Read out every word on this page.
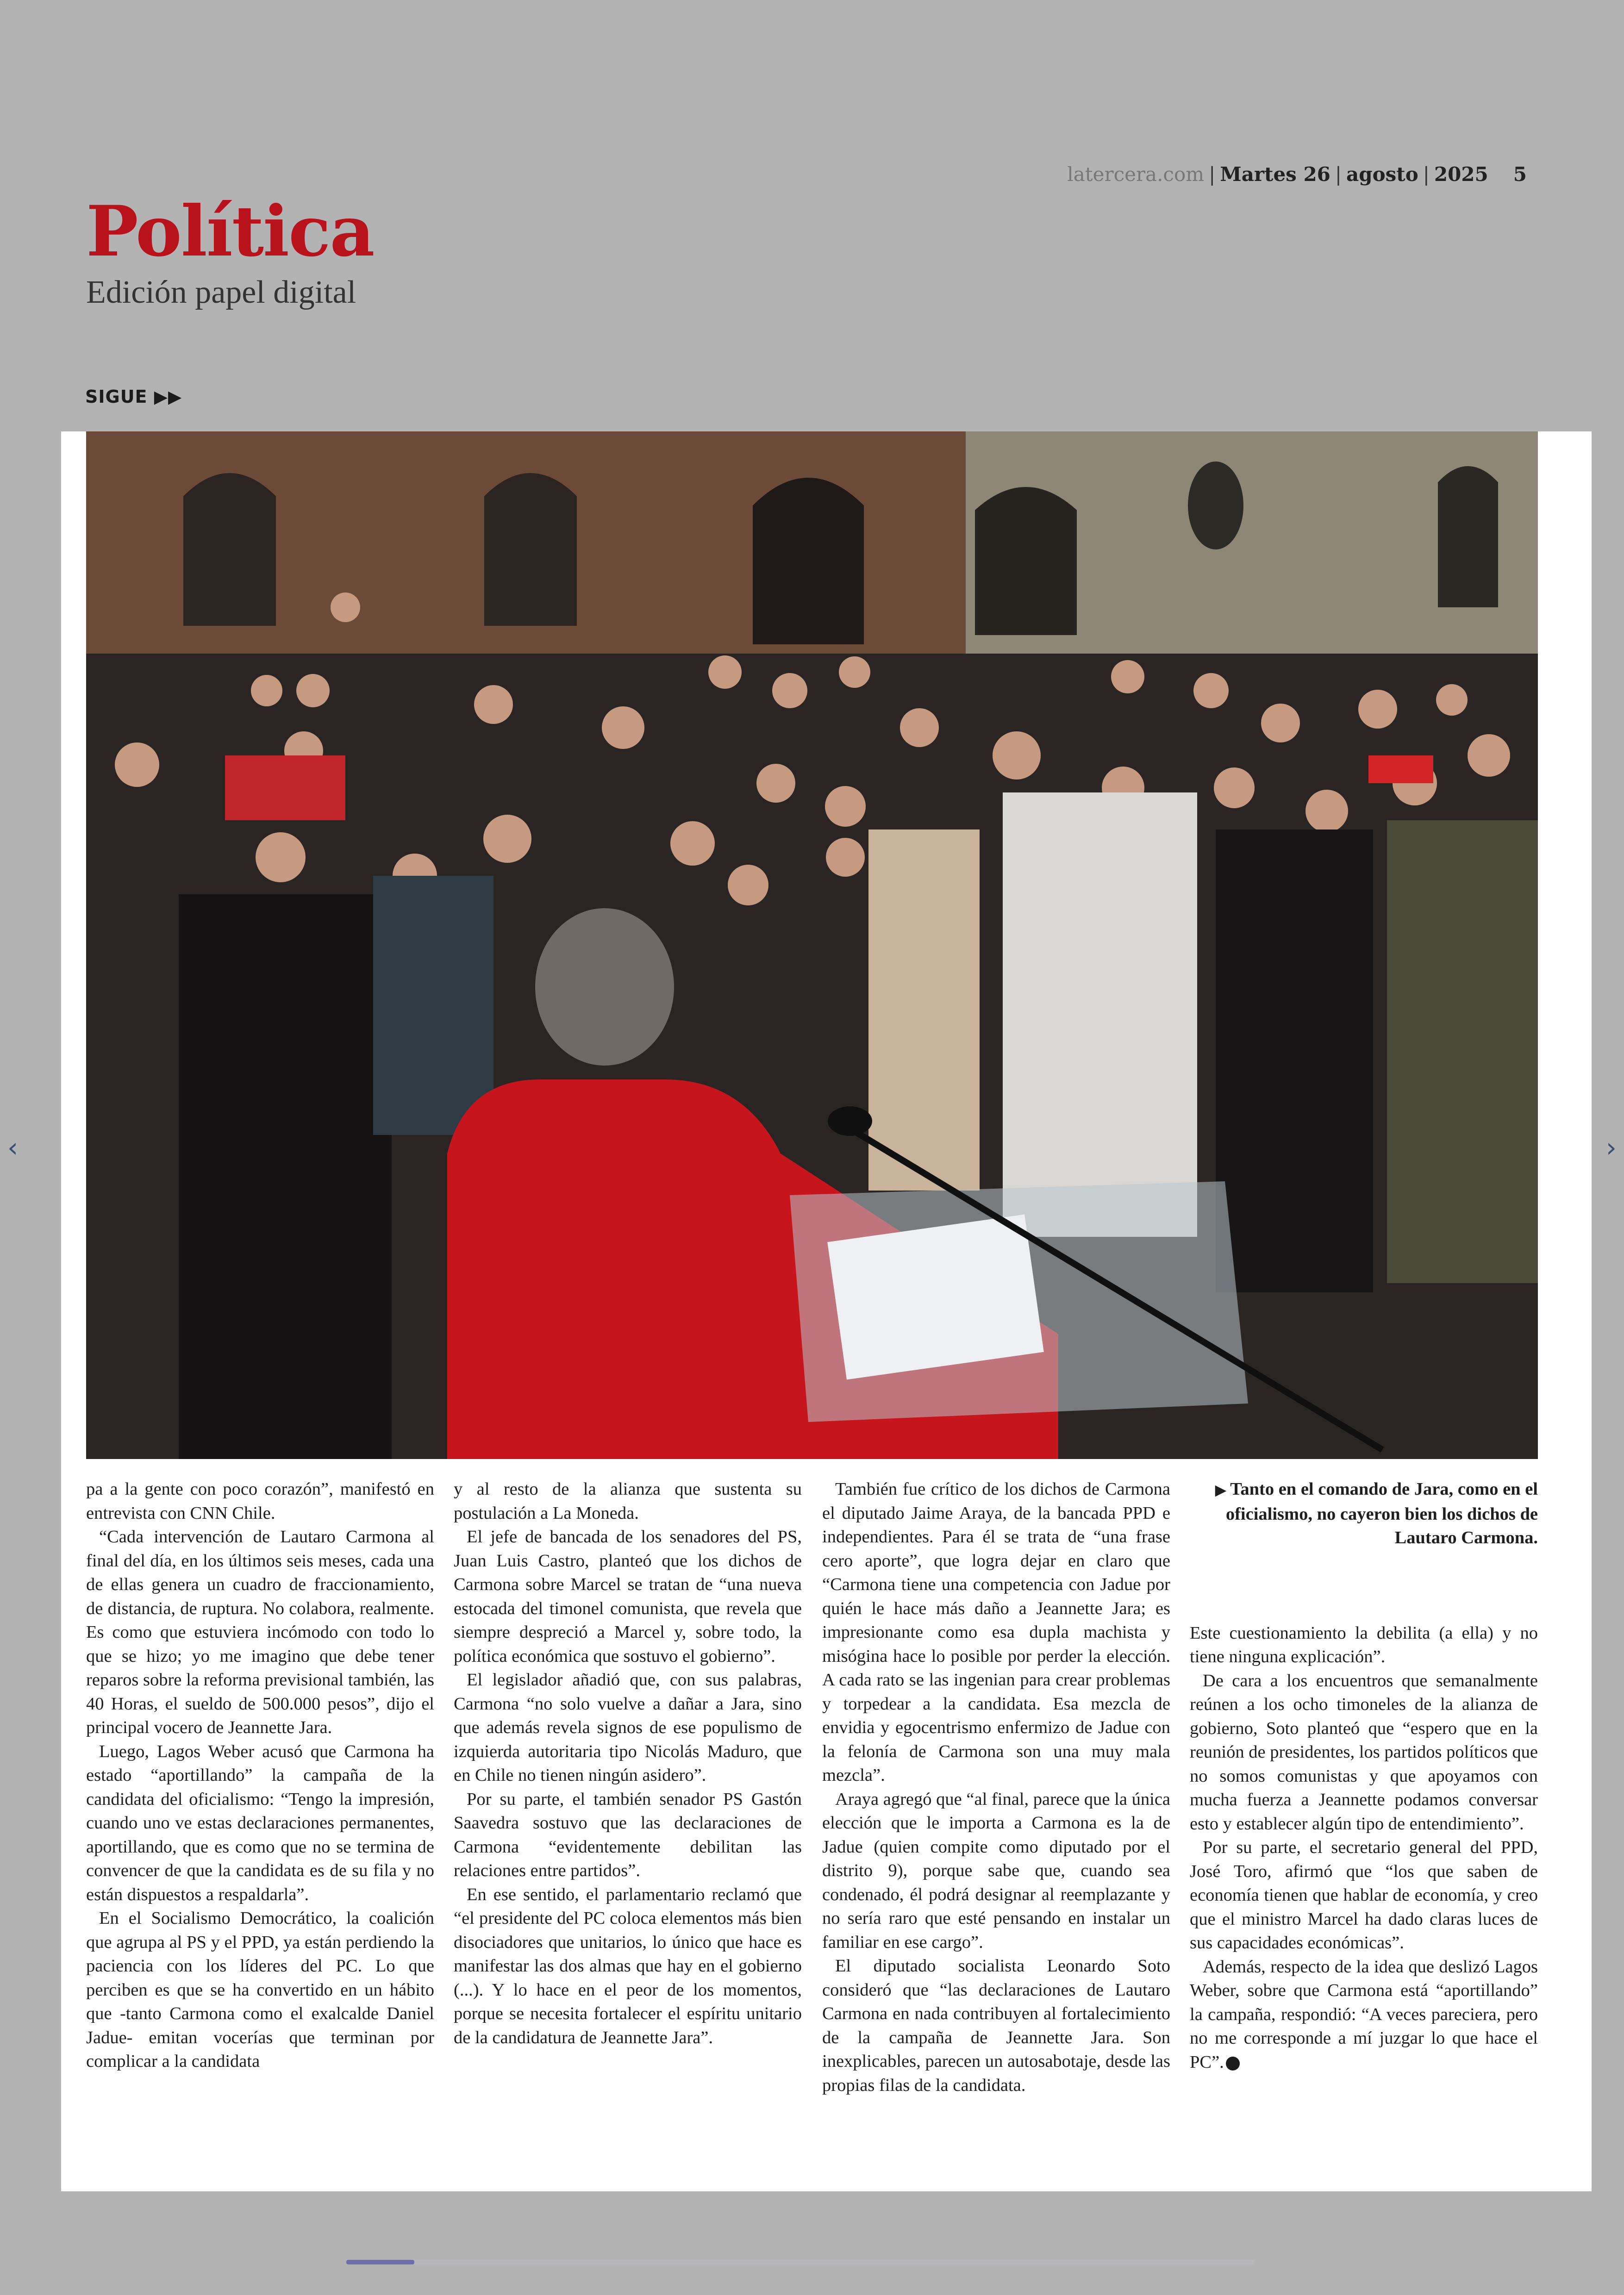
latercera.com | Martes 26 | agosto | 2025 5
Política
Edición papel digital
SIGUE ▶▶
‹	›

pa a la gente con poco corazón”, manifestó en entrevista con CNN Chile.

“Cada intervención de Lautaro Carmona al final del día, en los últimos seis meses, cada una de ellas genera un cuadro de fraccionamiento, de distancia, de ruptura. No colabora, realmente. Es como que estuviera incómodo con todo lo que se hizo; yo me imagino que debe tener reparos sobre la reforma previsional también, las 40 Horas, el sueldo de 500.000 pesos”, dijo el principal vocero de Jeannette Jara.

Luego, Lagos Weber acusó que Carmona ha estado “aportillando” la campaña de la candidata del oficialismo: “Tengo la impresión, cuando uno ve estas declaraciones permanentes, aportillando, que es como que no se termina de convencer de que la candidata es de su fila y no están dispuestos a respaldarla”.

En el Socialismo Democrático, la coalición que agrupa al PS y el PPD, ya están perdiendo la paciencia con los líderes del PC. Lo que perciben es que se ha convertido en un hábito que -tanto Carmona como el exalcalde Daniel Jadue- emitan vocerías que terminan por complicar a la candidata

y al resto de la alianza que sustenta su postulación a La Moneda.

El jefe de bancada de los senadores del PS, Juan Luis Castro, planteó que los dichos de Carmona sobre Marcel se tratan de “una nueva estocada del timonel comunista, que revela que siempre despreció a Marcel y, sobre todo, la política económica que sostuvo el gobierno”.

El legislador añadió que, con sus palabras, Carmona “no solo vuelve a dañar a Jara, sino que además revela signos de ese populismo de izquierda autoritaria tipo Nicolás Maduro, que en Chile no tienen ningún asidero”.

Por su parte, el también senador PS Gastón Saavedra sostuvo que las declaraciones de Carmona “evidentemente debilitan las relaciones entre partidos”.

En ese sentido, el parlamentario reclamó que “el presidente del PC coloca elementos más bien disociadores que unitarios, lo único que hace es manifestar las dos almas que hay en el gobierno (...). Y lo hace en el peor de los momentos, porque se necesita fortalecer el espíritu unitario de la candidatura de Jeannette Jara”.

También fue crítico de los dichos de Carmona el diputado Jaime Araya, de la bancada PPD e independientes. Para él se trata de “una frase cero aporte”, que logra dejar en claro que “Carmona tiene una competencia con Jadue por quién le hace más daño a Jeannette Jara; es impresionante como esa dupla machista y misógina hace lo posible por perder la elección. A cada rato se las ingenian para crear problemas y torpedear a la candidata. Esa mezcla de envidia y egocentrismo enfermizo de Jadue con la felonía de Carmona son una muy mala mezcla”.

Araya agregó que “al final, parece que la única elección que le importa a Carmona es la de Jadue (quien compite como diputado por el distrito 9), porque sabe que, cuando sea condenado, él podrá designar al reemplazante y no sería raro que esté pensando en instalar un familiar en ese cargo”.

El diputado socialista Leonardo Soto consideró que “las declaraciones de Lautaro Carmona en nada contribuyen al fortalecimiento de la campaña de Jeannette Jara. Son inexplicables, parecen un autosabotaje, desde las propias filas de la candidata.

▶ Tanto en el comando de Jara, como en el oficialismo, no cayeron bien los dichos de Lautaro Carmona.

Este cuestionamiento la debilita (a ella) y no tiene ninguna explicación”.

De cara a los encuentros que semanalmente reúnen a los ocho timoneles de la alianza de gobierno, Soto planteó que “espero que en la reunión de presidentes, los partidos políticos que no somos comunistas y que apoyamos con mucha fuerza a Jeannette podamos conversar esto y establecer algún tipo de entendimiento”.

Por su parte, el secretario general del PPD, José Toro, afirmó que “los que saben de economía tienen que hablar de economía, y creo que el ministro Marcel ha dado claras luces de sus capacidades económicas”.

Además, respecto de la idea que deslizó Lagos Weber, sobre que Carmona está “aportillando” la campaña, respondió: “A veces pareciera, pero no me corresponde a mí juzgar lo que hace el PC”.
